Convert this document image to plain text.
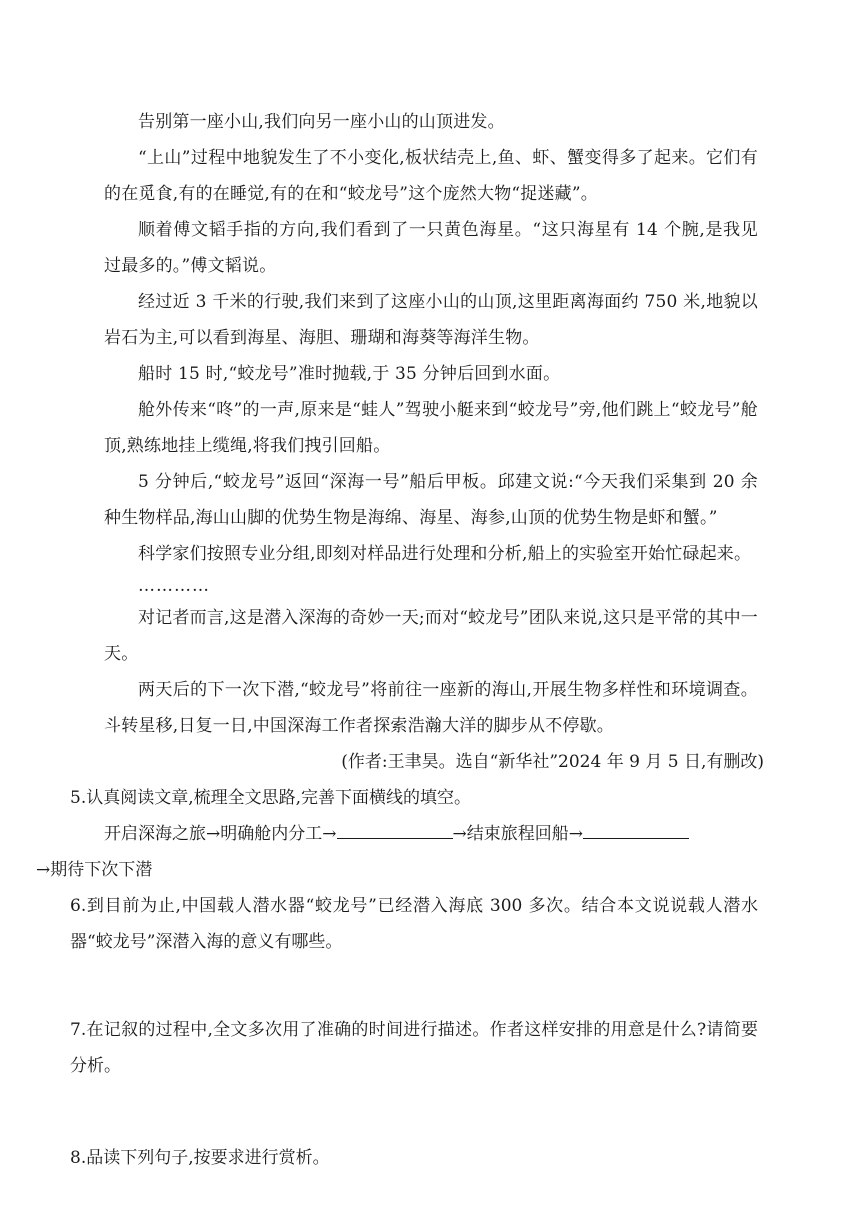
告别第一座小山,我们向另一座小山的山顶进发。

“上山”过程中地貌发生了不小变化,板状结壳上,鱼、虾、蟹变得多了起来。它们有的在觅食,有的在睡觉,有的在和“蛟龙号”这个庞然大物“捉迷藏”。

顺着傅文韬手指的方向,我们看到了一只黄色海星。“这只海星有 14 个腕,是我见过最多的。”傅文韬说。

经过近 3 千米的行驶,我们来到了这座小山的山顶,这里距离海面约 750 米,地貌以岩石为主,可以看到海星、海胆、珊瑚和海葵等海洋生物。

船时 15 时,“蛟龙号”准时抛载,于 35 分钟后回到水面。

舱外传来“咚”的一声,原来是“蛙人”驾驶小艇来到“蛟龙号”旁,他们跳上“蛟龙号”舱顶,熟练地挂上缆绳,将我们拽引回船。

5 分钟后,“蛟龙号”返回“深海一号”船后甲板。邱建文说:“今天我们采集到 20 余种生物样品,海山山脚的优势生物是海绵、海星、海参,山顶的优势生物是虾和蟹。”

科学家们按照专业分组,即刻对样品进行处理和分析,船上的实验室开始忙碌起来。

…………

对记者而言,这是潜入深海的奇妙一天;而对“蛟龙号”团队来说,这只是平常的其中一天。

两天后的下一次下潜,“蛟龙号”将前往一座新的海山,开展生物多样性和环境调查。斗转星移,日复一日,中国深海工作者探索浩瀚大洋的脚步从不停歇。

(作者:王聿昊。选自“新华社”2024 年 9 月 5 日,有删改)

5.认真阅读文章,梳理全文思路,完善下面横线的填空。

开启深海之旅→明确舱内分工→	→结束旅程回船→
→期待下次下潜

6.到目前为止,中国载人潜水器“蛟龙号”已经潜入海底 300 多次。结合本文说说载人潜水器“蛟龙号”深潜入海的意义有哪些。

7.在记叙的过程中,全文多次用了准确的时间进行描述。作者这样安排的用意是什么?请简要分析。

8.品读下列句子,按要求进行赏析。
